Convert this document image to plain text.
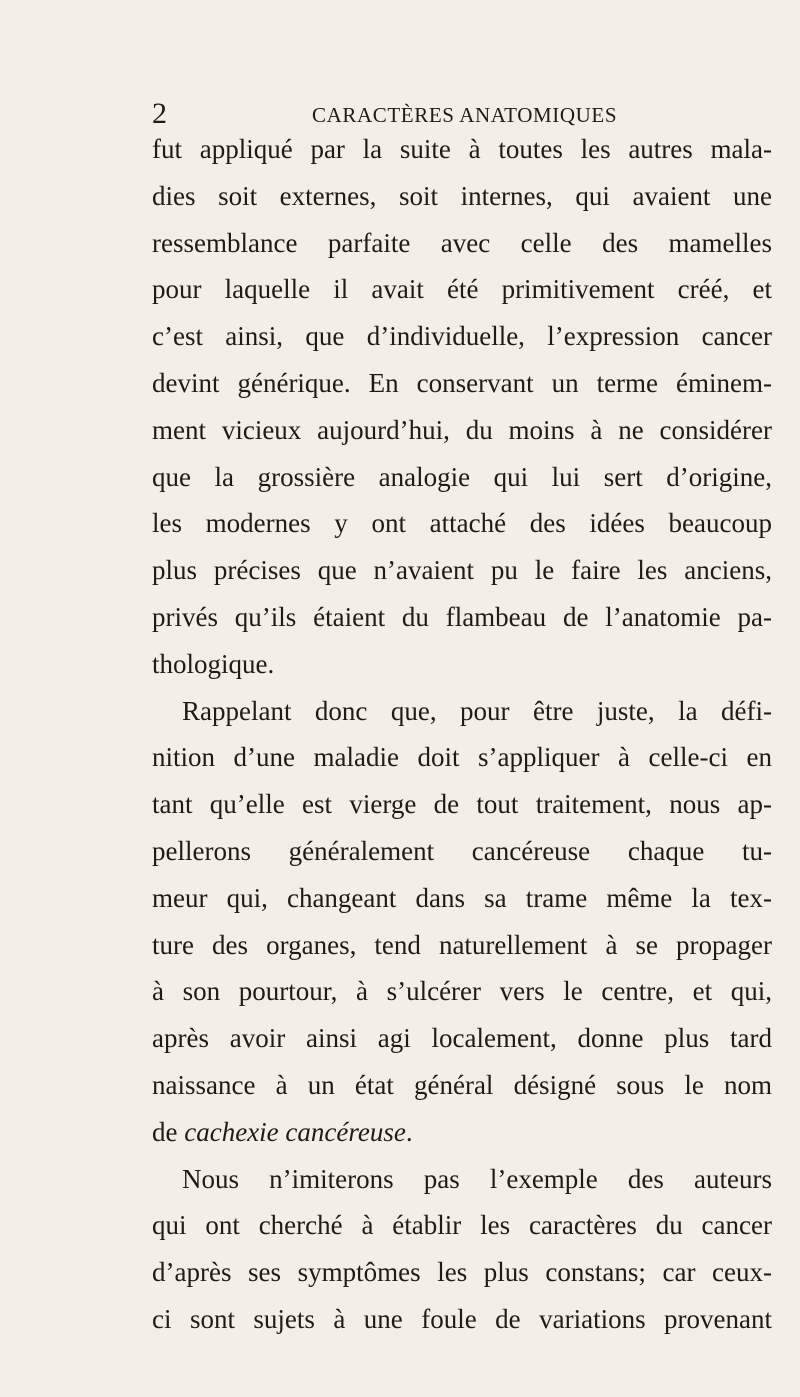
2	CARACTÈRES ANATOMIQUES
fut appliqué par la suite à toutes les autres mala-
dies soit externes, soit internes, qui avaient une
ressemblance parfaite avec celle des mamelles
pour laquelle il avait été primitivement créé, et
c’est ainsi, que d’individuelle, l’expression cancer
devint générique. En conservant un terme éminem-
ment vicieux aujourd’hui, du moins à ne considérer
que la grossière analogie qui lui sert d’origine,
les modernes y ont attaché des idées beaucoup
plus précises que n’avaient pu le faire les anciens,
privés qu’ils étaient du flambeau de l’anatomie pa-
thologique.
Rappelant donc que, pour être juste, la défi-
nition d’une maladie doit s’appliquer à celle-ci en
tant qu’elle est vierge de tout traitement, nous ap-
pellerons généralement cancéreuse chaque tu-
meur qui, changeant dans sa trame même la tex-
ture des organes, tend naturellement à se propager
à son pourtour, à s’ulcérer vers le centre, et qui,
après avoir ainsi agi localement, donne plus tard
naissance à un état général désigné sous le nom
de cachexie cancéreuse.
Nous n’imiterons pas l’exemple des auteurs
qui ont cherché à établir les caractères du cancer
d’après ses symptômes les plus constans; car ceux-
ci sont sujets à une foule de variations provenant
